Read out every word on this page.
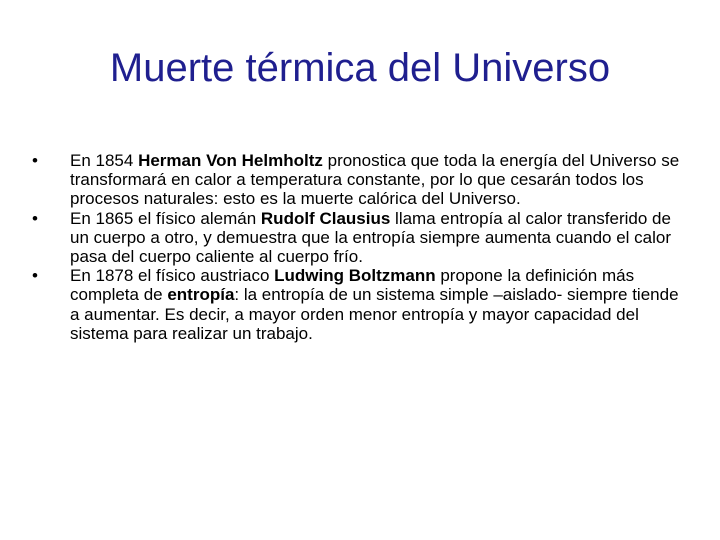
Muerte térmica del Universo
• En 1854 Herman Von Helmholtz pronostica que toda la energía del Universo se transformará en calor a temperatura constante, por lo que cesarán todos los procesos naturales: esto es la muerte calórica del Universo.
• En 1865 el físico alemán Rudolf Clausius llama entropía al calor transferido de un cuerpo a otro, y demuestra que la entropía siempre aumenta cuando el calor pasa del cuerpo caliente al cuerpo frío.
• En 1878 el físico austriaco Ludwing Boltzmann propone la definición más completa de entropía: la entropía de un sistema simple –aislado- siempre tiende a aumentar. Es decir, a mayor orden menor entropía y mayor capacidad del sistema para realizar un trabajo.
